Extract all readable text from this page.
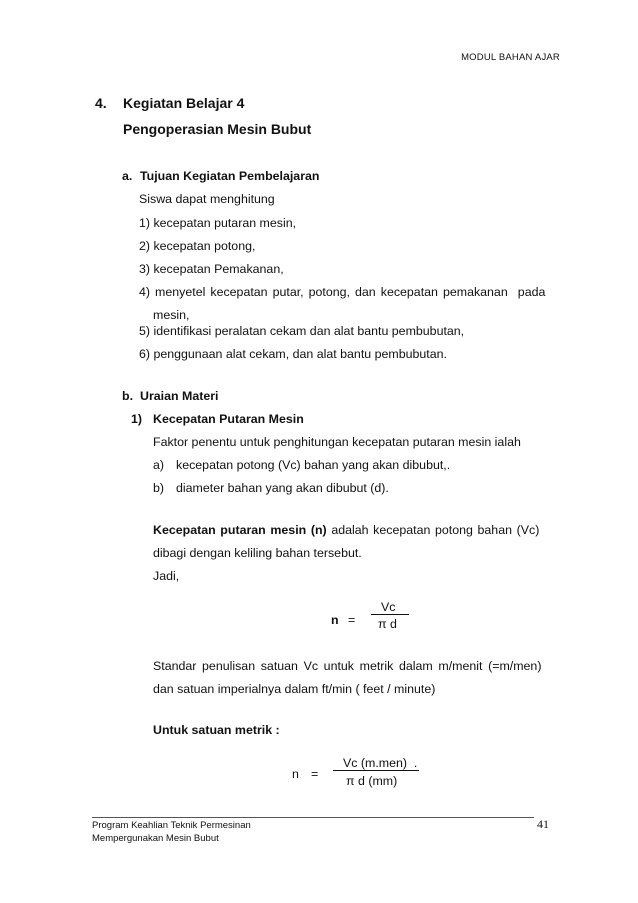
MODUL BAHAN AJAR
4. Kegiatan Belajar 4
Pengoperasian Mesin Bubut
a. Tujuan Kegiatan Pembelajaran
Siswa dapat menghitung
1) kecepatan putaran mesin,
2) kecepatan potong,
3) kecepatan Pemakanan,
4) menyetel kecepatan putar, potong, dan kecepatan pemakanan  pada
mesin,
5) identifikasi peralatan cekam dan alat bantu pembubutan,
6) penggunaan alat cekam, dan alat bantu pembubutan.
b. Uraian Materi
1) Kecepatan Putaran Mesin
Faktor penentu untuk penghitungan kecepatan putaran mesin ialah
a) kecepatan potong (Vc) bahan yang akan dibubut,.
b) diameter bahan yang akan dibubut (d).
Kecepatan putaran mesin (n) adalah kecepatan potong bahan (Vc)
dibagi dengan keliling bahan tersebut.
Jadi,
n =
Vc
π d
Standar penulisan satuan Vc untuk metrik dalam m/menit (=m/men)
dan satuan imperialnya dalam ft/min ( feet / minute)
Untuk satuan metrik :
n =
Vc (m.men)  .
π d (mm)
Program Keahlian Teknik Permesinan
Mempergunakan Mesin Bubut
41
